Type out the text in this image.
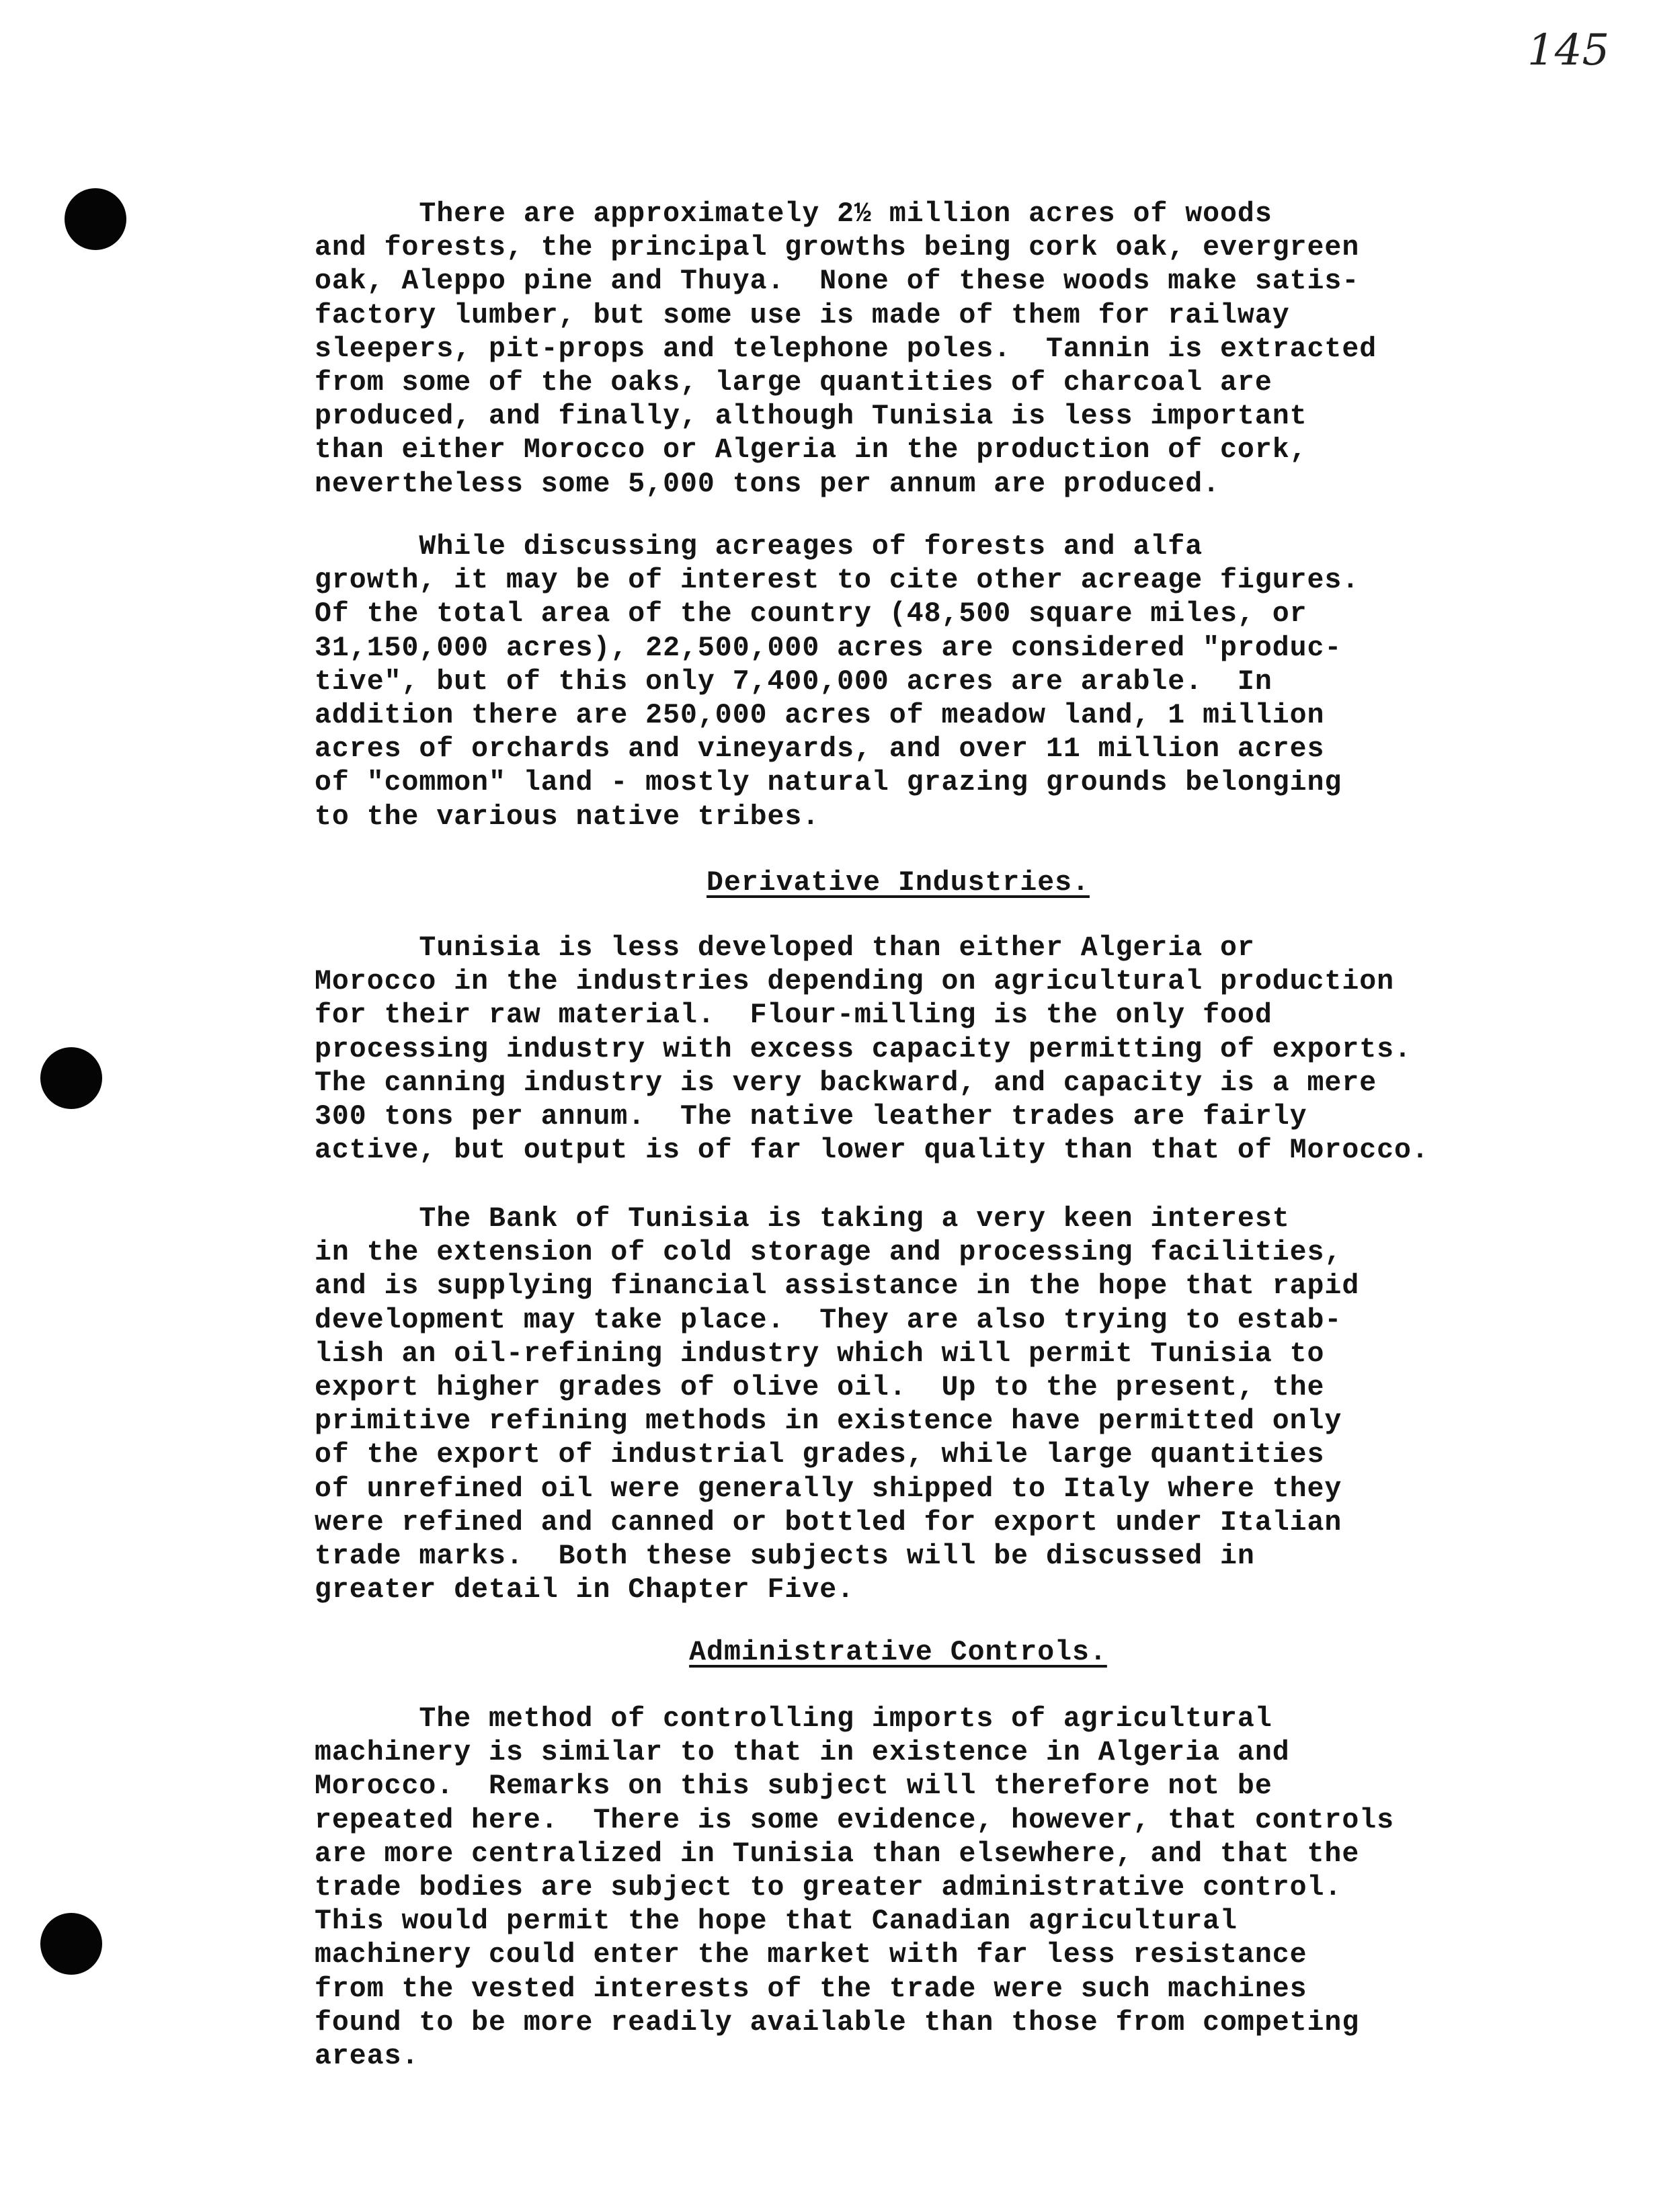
145
There are approximately 2½ million acres of woods
and forests, the principal growths being cork oak, evergreen
oak, Aleppo pine and Thuya.  None of these woods make satis-
factory lumber, but some use is made of them for railway
sleepers, pit-props and telephone poles.  Tannin is extracted
from some of the oaks, large quantities of charcoal are
produced, and finally, although Tunisia is less important
than either Morocco or Algeria in the production of cork,
nevertheless some 5,000 tons per annum are produced.
While discussing acreages of forests and alfa
growth, it may be of interest to cite other acreage figures.
Of the total area of the country (48,500 square miles, or
31,150,000 acres), 22,500,000 acres are considered "produc-
tive", but of this only 7,400,000 acres are arable.  In
addition there are 250,000 acres of meadow land, 1 million
acres of orchards and vineyards, and over 11 million acres
of "common" land - mostly natural grazing grounds belonging
to the various native tribes.
Derivative Industries.
Tunisia is less developed than either Algeria or
Morocco in the industries depending on agricultural production
for their raw material.  Flour-milling is the only food
processing industry with excess capacity permitting of exports.
The canning industry is very backward, and capacity is a mere
300 tons per annum.  The native leather trades are fairly
active, but output is of far lower quality than that of Morocco.
The Bank of Tunisia is taking a very keen interest
in the extension of cold storage and processing facilities,
and is supplying financial assistance in the hope that rapid
development may take place.  They are also trying to estab-
lish an oil-refining industry which will permit Tunisia to
export higher grades of olive oil.  Up to the present, the
primitive refining methods in existence have permitted only
of the export of industrial grades, while large quantities
of unrefined oil were generally shipped to Italy where they
were refined and canned or bottled for export under Italian
trade marks.  Both these subjects will be discussed in
greater detail in Chapter Five.
Administrative Controls.
The method of controlling imports of agricultural
machinery is similar to that in existence in Algeria and
Morocco.  Remarks on this subject will therefore not be
repeated here.  There is some evidence, however, that controls
are more centralized in Tunisia than elsewhere, and that the
trade bodies are subject to greater administrative control.
This would permit the hope that Canadian agricultural
machinery could enter the market with far less resistance
from the vested interests of the trade were such machines
found to be more readily available than those from competing
areas.
